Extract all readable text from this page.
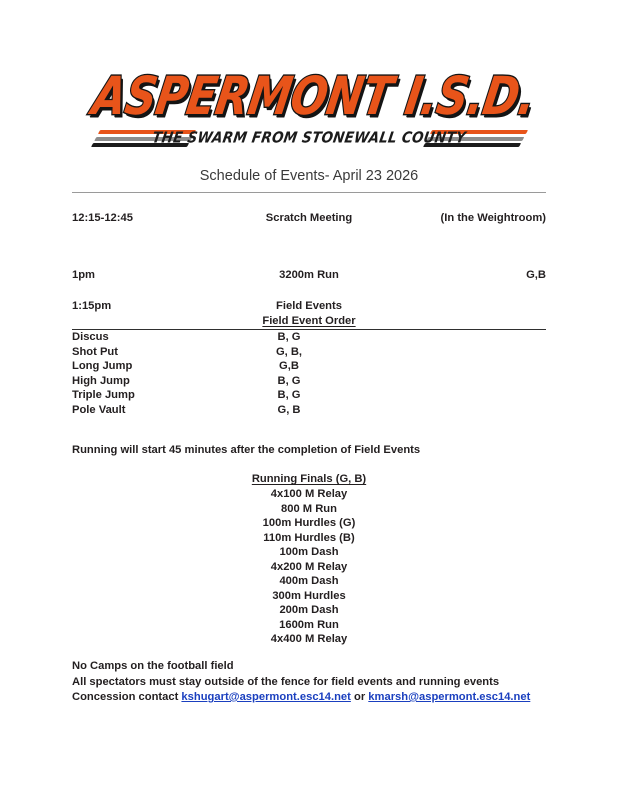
ASPERMONT I.S.D.
THE SWARM FROM STONEWALL COUNTY
Schedule of Events- April 23 2026
12:15-12:45	Scratch Meeting	(In the Weightroom)
1pm	3200m Run	G,B
1:15pm	Field Events
Field Event Order
Discus	B, G
Shot Put	G, B,
Long Jump	G,B
High Jump	B, G
Triple Jump	B, G
Pole Vault	G, B
Running will start 45 minutes after the completion of Field Events
Running Finals (G, B)
4x100 M Relay
800 M Run
100m Hurdles (G)
110m Hurdles (B)
100m Dash
4x200 M Relay
400m Dash
300m Hurdles
200m Dash
1600m Run
4x400 M Relay
No Camps on the football field
All spectators must stay outside of the fence for field events and running events
Concession contact kshugart@aspermont.esc14.net or kmarsh@aspermont.esc14.net
